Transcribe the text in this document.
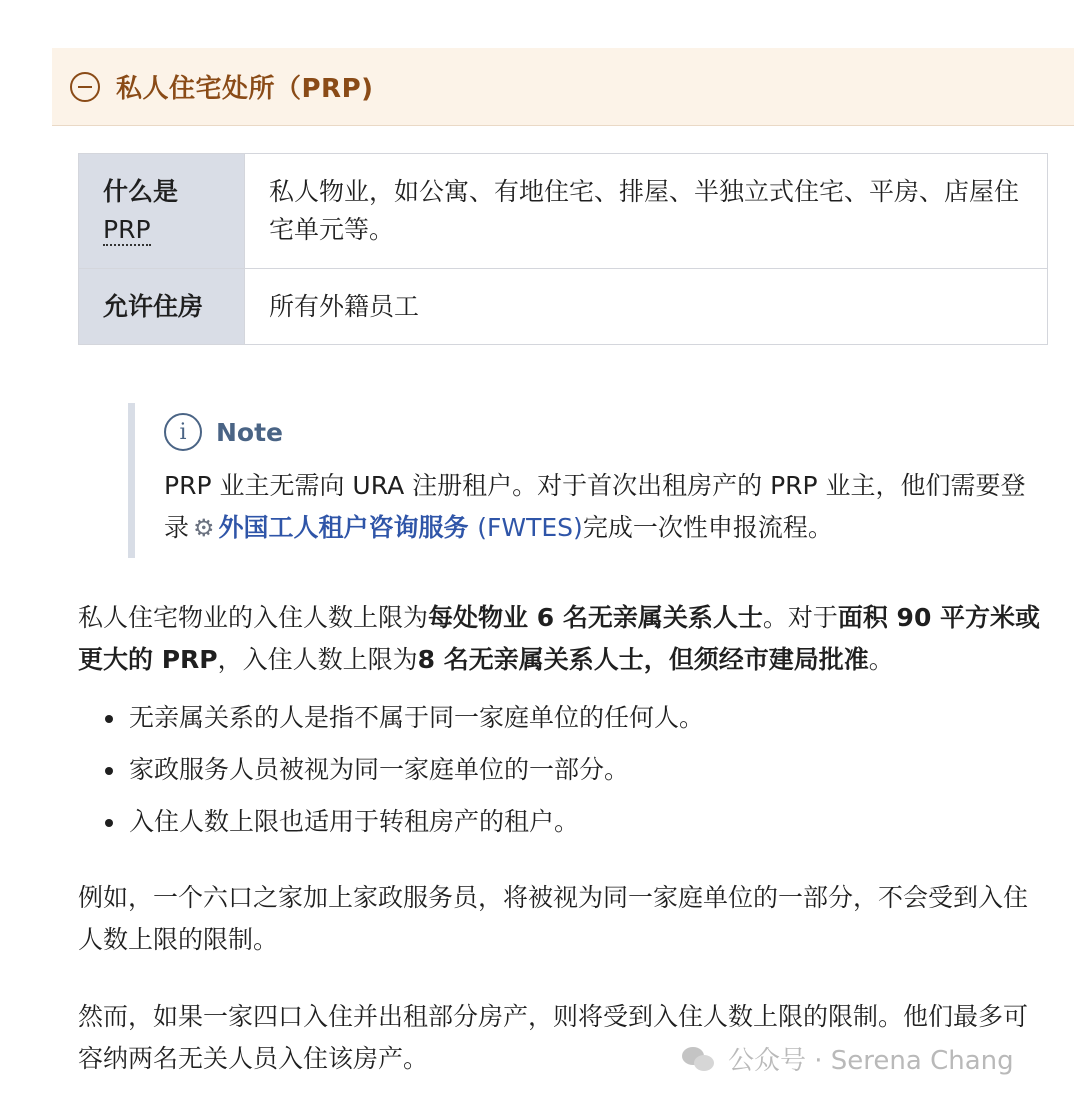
私人住宅处所（PRP)
什么是
PRP	私人物业，如公寓、有地住宅、排屋、半独立式住宅、平房、店屋住宅单元等。
允许住房	所有外籍员工
i	Note
PRP 业主无需向 URA 注册租户。对于首次出租房产的 PRP 业主，他们需要登录 ⚙ 外国工人租户咨询服务 (FWTES)完成一次性申报流程。

私人住宅物业的入住人数上限为每处物业 6 名无亲属关系人士。对于面积 90 平方米或更大的 PRP，入住人数上限为8 名无亲属关系人士，但须经市建局批准。

无亲属关系的人是指不属于同一家庭单位的任何人。
家政服务人员被视为同一家庭单位的一部分。
入住人数上限也适用于转租房产的租户。

例如，一个六口之家加上家政服务员，将被视为同一家庭单位的一部分，不会受到入住人数上限的限制。

然而，如果一家四口入住并出租部分房产，则将受到入住人数上限的限制。他们最多可容纳两名无关人员入住该房产。	公众号 · Serena Chang
